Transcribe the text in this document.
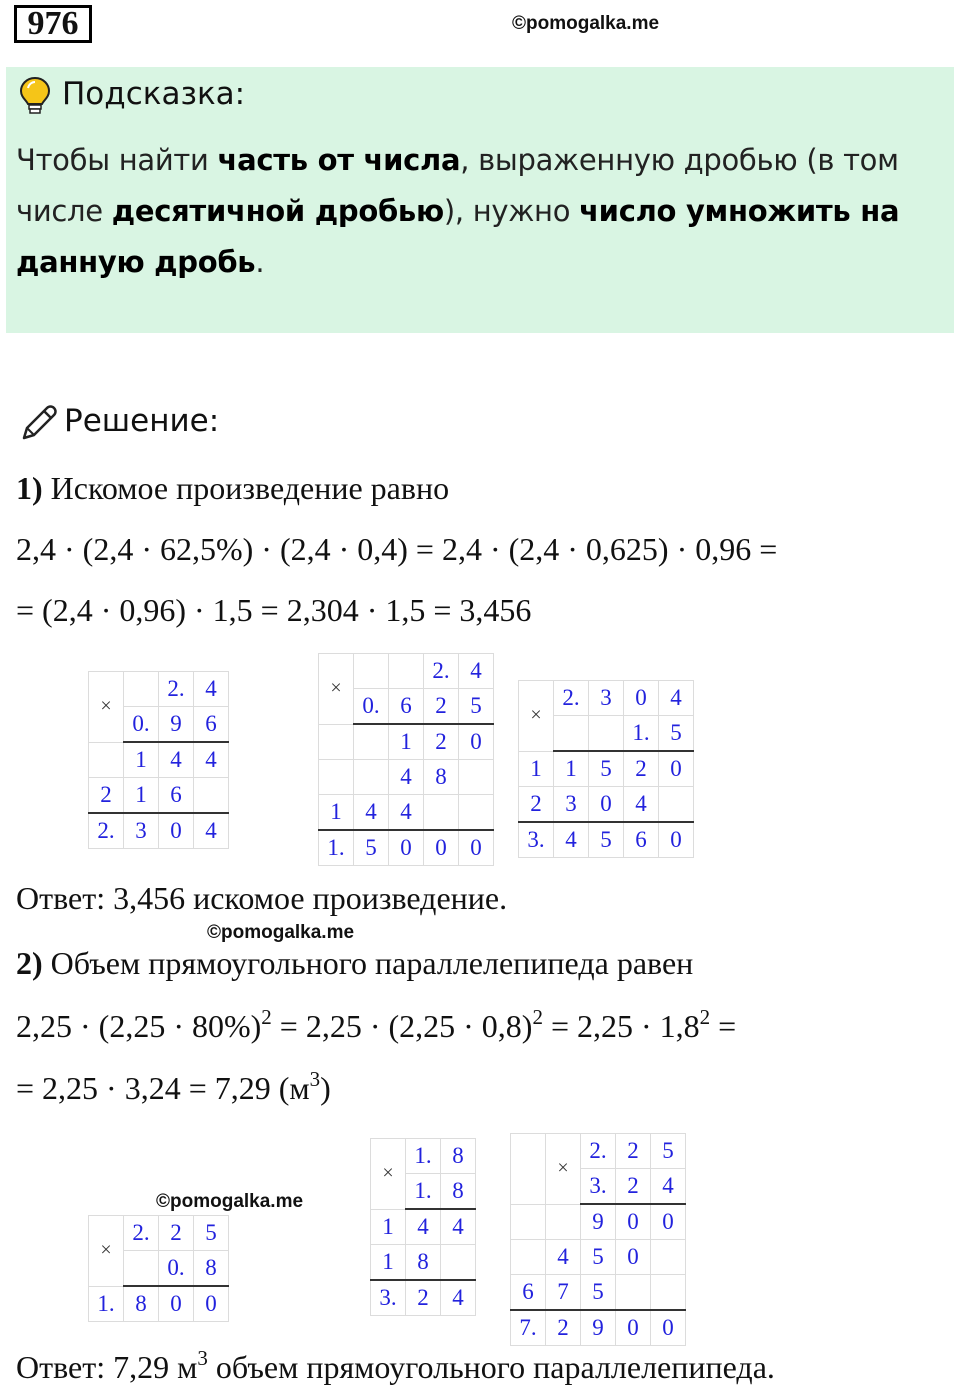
976	©pomogalka.me
Подсказка:
Чтобы найти часть от числа, выраженную дробью (в том
числе десятичной дробью), нужно число умножить на
данную дробь.
Решение:
1) Искомое произведение равно
2,4 · (2,4 · 62,5%) · (2,4 · 0,4) = 2,4 · (2,4 · 0,625) · 0,96 =
= (2,4 · 0,96) · 1,5 = 2,304 · 1,5 = 3,456
×		2.	4
	0.	9	6
	1	4	4
2	1	6	
2.	3	0	4
×			2.	4
	0.	6	2	5
		1	2	0
		4	8	
1	4	4		
1.	5	0	0	0
×	2.	3	0	4
			1.	5
1	1	5	2	0
2	3	0	4	
3.	4	5	6	0
Ответ: 3,456 искомое произведение.
©pomogalka.me
2) Объем прямоугольного параллелепипеда равен
$2,25 \cdot (2,25 \cdot 80\%)^2 = 2,25 \cdot (2,25 \cdot 0,8)^2 = 2,25 \cdot 1,8^2$ =
= 2,25 · 3,24 = 7,29 $(м^3)$
©pomogalka.me
×	2.	2	5
		0.	8
1.	8	0	0
×	1.	8
	1.	8
1	4	4
1	8	
3.	2	4
	×	2.	2	5
		3.	2	4
		9	0	0
	4	5	0	
6	7	5		
7.	2	9	0	0
Ответ: 7,29 $м^3$ объем прямоугольного параллелепипеда.
